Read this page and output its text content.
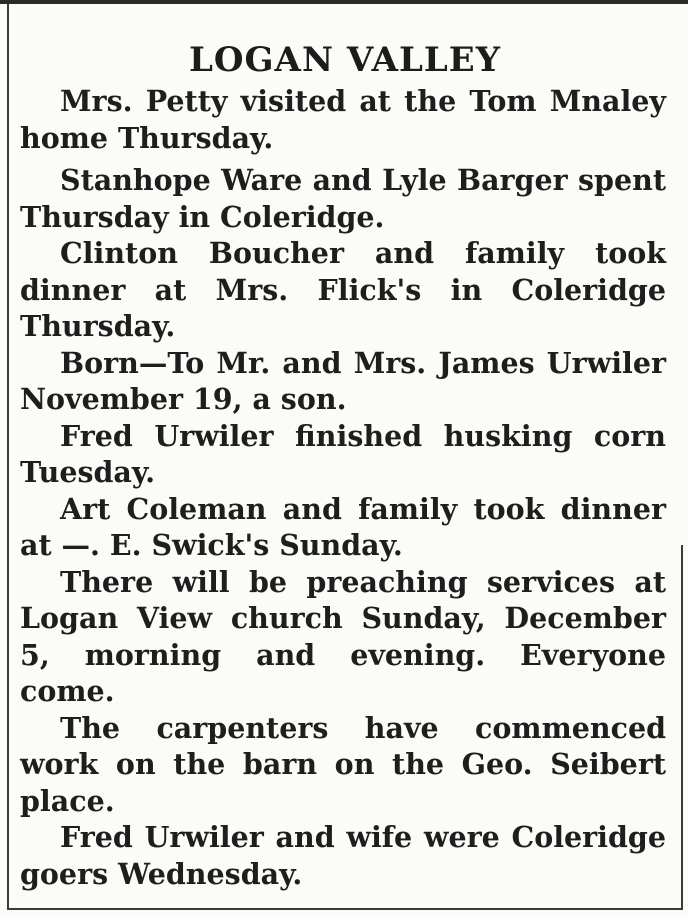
LOGAN VALLEY

Mrs. Petty visited at the Tom Mnaley home Thursday.

Stanhope Ware and Lyle Barger spent Thursday in Coleridge.

Clinton Boucher and family took dinner at Mrs. Flick's in Coleridge Thursday.

Born—To Mr. and Mrs. James Urwiler November 19, a son.

Fred Urwiler finished husking corn Tuesday.

Art Coleman and family took dinner at —. E. Swick's Sunday.

There will be preaching services at Logan View church Sunday, December 5, morning and evening. Everyone come.

The carpenters have commenced work on the barn on the Geo. Seibert place.

Fred Urwiler and wife were Coleridge goers Wednesday.
